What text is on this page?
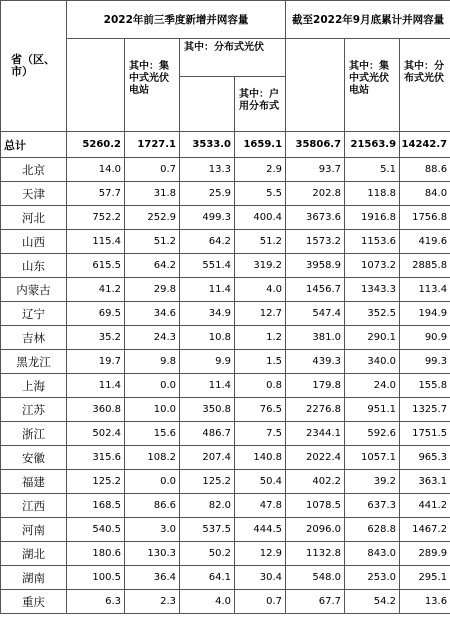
省（区、市）	2022年前三季度新增并网容量				截至2022年9月底累计并网容量		
		其中：集中式光伏电站	其中：分布式光伏			其中：集中式光伏电站	其中：分布式光伏
				其中：户用分布式			
总计	5260.2	1727.1	3533.0	1659.1	35806.7	21563.9	14242.7
北京	14.0	0.7	13.3	2.9	93.7	5.1	88.6
天津	57.7	31.8	25.9	5.5	202.8	118.8	84.0
河北	752.2	252.9	499.3	400.4	3673.6	1916.8	1756.8
山西	115.4	51.2	64.2	51.2	1573.2	1153.6	419.6
山东	615.5	64.2	551.4	319.2	3958.9	1073.2	2885.8
内蒙古	41.2	29.8	11.4	4.0	1456.7	1343.3	113.4
辽宁	69.5	34.6	34.9	12.7	547.4	352.5	194.9
吉林	35.2	24.3	10.8	1.2	381.0	290.1	90.9
黑龙江	19.7	9.8	9.9	1.5	439.3	340.0	99.3
上海	11.4	0.0	11.4	0.8	179.8	24.0	155.8
江苏	360.8	10.0	350.8	76.5	2276.8	951.1	1325.7
浙江	502.4	15.6	486.7	7.5	2344.1	592.6	1751.5
安徽	315.6	108.2	207.4	140.8	2022.4	1057.1	965.3
福建	125.2	0.0	125.2	50.4	402.2	39.2	363.1
江西	168.5	86.6	82.0	47.8	1078.5	637.3	441.2
河南	540.5	3.0	537.5	444.5	2096.0	628.8	1467.2
湖北	180.6	130.3	50.2	12.9	1132.8	843.0	289.9
湖南	100.5	36.4	64.1	30.4	548.0	253.0	295.1
重庆	6.3	2.3	4.0	0.7	67.7	54.2	13.6
